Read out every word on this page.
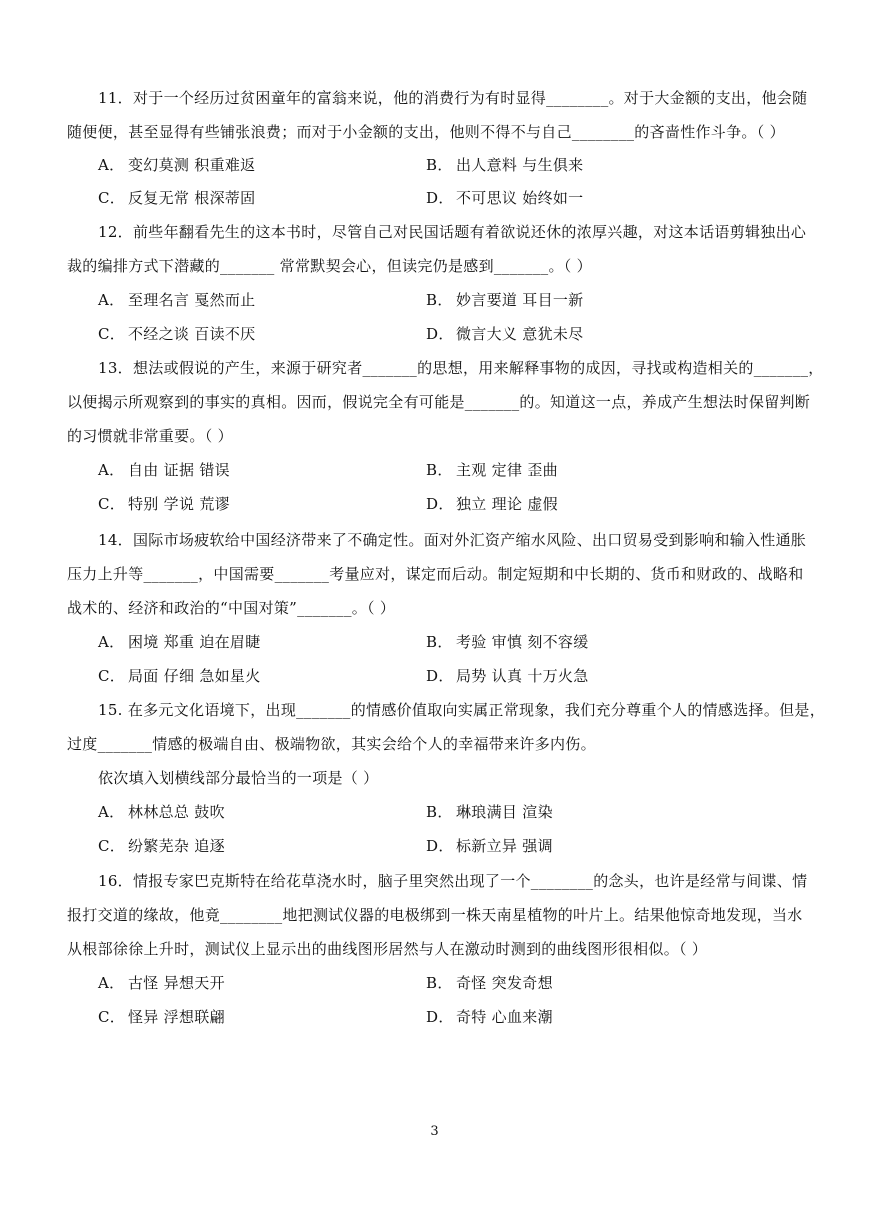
11．对于一个经历过贫困童年的富翁来说，他的消费行为有时显得________。对于大金额的支出，他会随
随便便，甚至显得有些铺张浪费；而对于小金额的支出，他则不得不与自己________的吝啬性作斗争。（ ）
A． 变幻莫测 积重难返	B． 出人意料 与生俱来
C． 反复无常 根深蒂固	D． 不可思议 始终如一
12．前些年翻看先生的这本书时，尽管自己对民国话题有着欲说还休的浓厚兴趣，对这本话语剪辑独出心
裁的编排方式下潜藏的_______ 常常默契会心，但读完仍是感到_______。（ ）
A． 至理名言 戛然而止	B． 妙言要道 耳目一新
C． 不经之谈 百读不厌	D． 微言大义 意犹未尽
13．想法或假说的产生，来源于研究者_______的思想，用来解释事物的成因，寻找或构造相关的_______，
以便揭示所观察到的事实的真相。因而，假说完全有可能是_______的。知道这一点，养成产生想法时保留判断
的习惯就非常重要。（ ）
A． 自由 证据 错误	B． 主观 定律 歪曲
C． 特别 学说 荒谬	D． 独立 理论 虚假
14．国际市场疲软给中国经济带来了不确定性。面对外汇资产缩水风险、出口贸易受到影响和输入性通胀
压力上升等_______，中国需要_______考量应对，谋定而后动。制定短期和中长期的、货币和财政的、战略和
战术的、经济和政治的“中国对策”_______。（ ）
A． 困境 郑重 迫在眉睫	B． 考验 审慎 刻不容缓
C． 局面 仔细 急如星火	D． 局势 认真 十万火急
15. 在多元文化语境下，出现_______的情感价值取向实属正常现象，我们充分尊重个人的情感选择。但是，
过度_______情感的极端自由、极端物欲，其实会给个人的幸福带来许多内伤。
依次填入划横线部分最恰当的一项是（ ）
A． 林林总总 鼓吹	B． 琳琅满目 渲染
C． 纷繁芜杂 追逐	D． 标新立异 强调
16．情报专家巴克斯特在给花草浇水时，脑子里突然出现了一个________的念头，也许是经常与间谍、情
报打交道的缘故，他竟________地把测试仪器的电极绑到一株天南星植物的叶片上。结果他惊奇地发现，当水
从根部徐徐上升时，测试仪上显示出的曲线图形居然与人在激动时测到的曲线图形很相似。（ ）
A． 古怪 异想天开	B． 奇怪 突发奇想
C． 怪异 浮想联翩	D． 奇特 心血来潮
3
